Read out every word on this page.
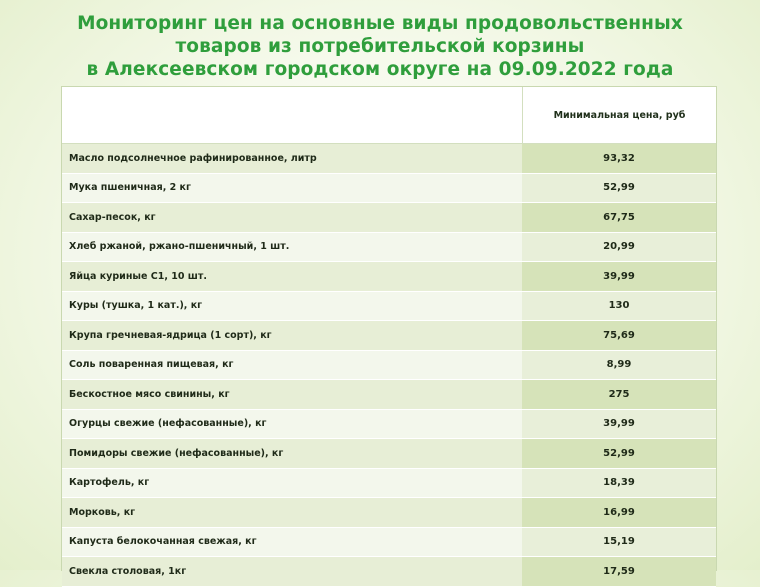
Мониторинг цен на основные виды продовольственных
товаров из потребительской корзины
в Алексеевском городском округе на 09.09.2022 года
Минимальная цена, руб
Масло подсолнечное рафинированное, литр	93,32
Мука пшеничная, 2 кг	52,99
Сахар-песок, кг	67,75
Хлеб ржаной, ржано-пшеничный, 1 шт.	20,99
Яйца куриные С1, 10 шт.	39,99
Куры (тушка, 1 кат.), кг	130
Крупа гречневая-ядрица (1 сорт), кг	75,69
Соль поваренная пищевая, кг	8,99
Бескостное мясо свинины, кг	275
Огурцы свежие (нефасованные), кг	39,99
Помидоры свежие (нефасованные), кг	52,99
Картофель, кг	18,39
Морковь, кг	16,99
Капуста белокочанная свежая, кг	15,19
Свекла столовая, 1кг	17,59
